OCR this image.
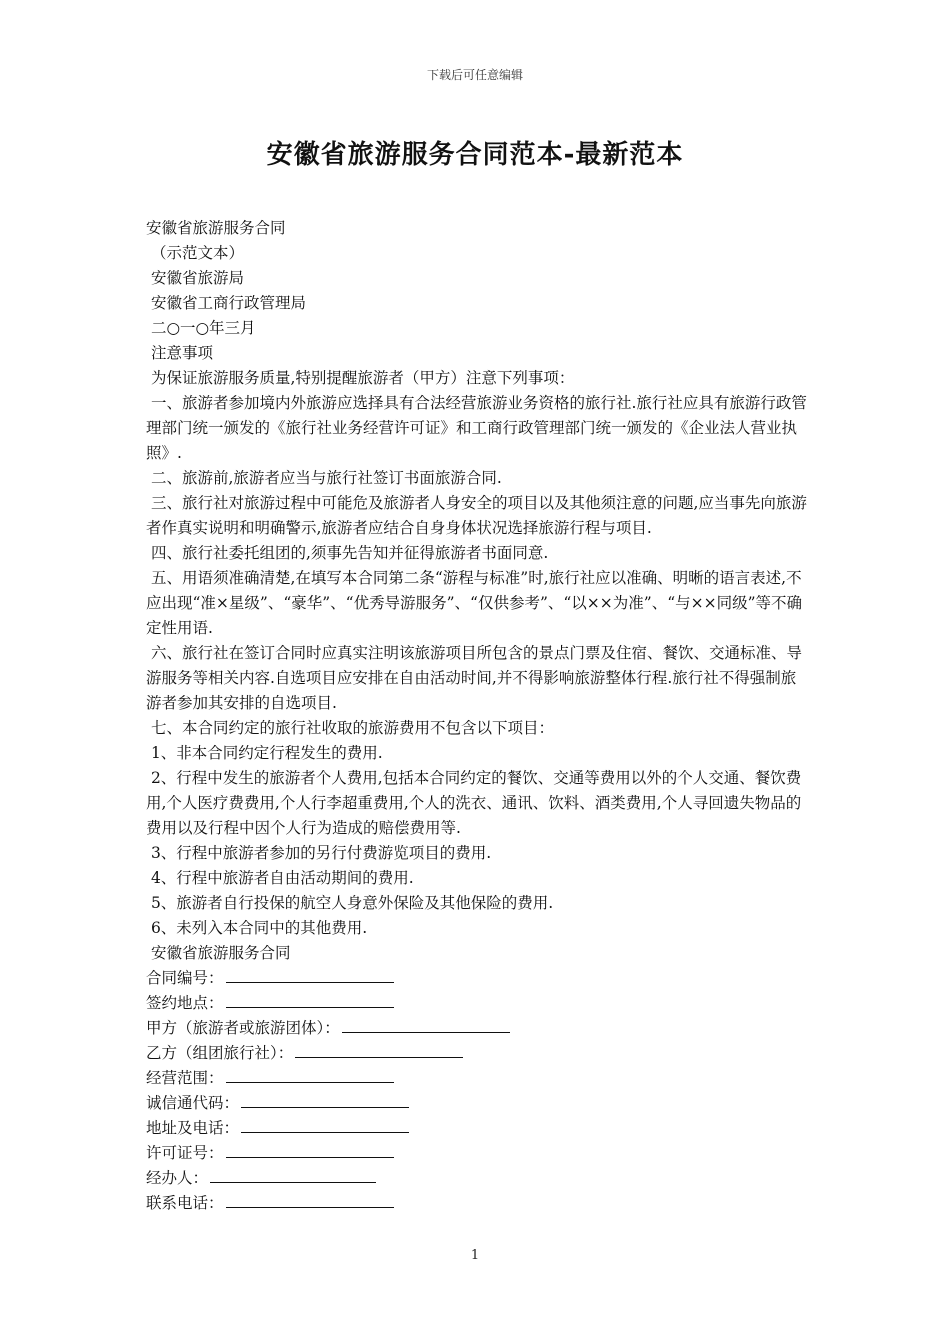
下载后可任意编辑
安徽省旅游服务合同范本-最新范本
安徽省旅游服务合同
（示范文本）
安徽省旅游局
安徽省工商行政管理局
二○一○年三月
注意事项
为保证旅游服务质量,特别提醒旅游者（甲方）注意下列事项：
一、旅游者参加境内外旅游应选择具有合法经营旅游业务资格的旅行社.旅行社应具有旅游行政管理部门统一颁发的《旅行社业务经营许可证》和工商行政管理部门统一颁发的《企业法人营业执照》.
二、旅游前,旅游者应当与旅行社签订书面旅游合同.
三、旅行社对旅游过程中可能危及旅游者人身安全的项目以及其他须注意的问题,应当事先向旅游者作真实说明和明确警示,旅游者应结合自身身体状况选择旅游行程与项目.
四、旅行社委托组团的,须事先告知并征得旅游者书面同意.
五、用语须准确清楚,在填写本合同第二条“游程与标准”时,旅行社应以准确、明晰的语言表述,不应出现“准×星级”、“豪华”、“优秀导游服务”、“仅供参考”、“以××为准”、“与××同级”等不确定性用语.
六、旅行社在签订合同时应真实注明该旅游项目所包含的景点门票及住宿、餐饮、交通标准、导游服务等相关内容.自选项目应安排在自由活动时间,并不得影响旅游整体行程.旅行社不得强制旅游者参加其安排的自选项目.
七、本合同约定的旅行社收取的旅游费用不包含以下项目：
1、非本合同约定行程发生的费用.
2、行程中发生的旅游者个人费用,包括本合同约定的餐饮、交通等费用以外的个人交通、餐饮费用,个人医疗费费用,个人行李超重费用,个人的洗衣、通讯、饮料、酒类费用,个人寻回遗失物品的费用以及行程中因个人行为造成的赔偿费用等.
3、行程中旅游者参加的另行付费游览项目的费用.
4、行程中旅游者自由活动期间的费用.
5、旅游者自行投保的航空人身意外保险及其他保险的费用.
6、未列入本合同中的其他费用.
安徽省旅游服务合同
合同编号：
签约地点：
甲方（旅游者或旅游团体）：
乙方（组团旅行社）：
经营范围：
诚信通代码：
地址及电话：
许可证号：
经办人：
联系电话：
1
